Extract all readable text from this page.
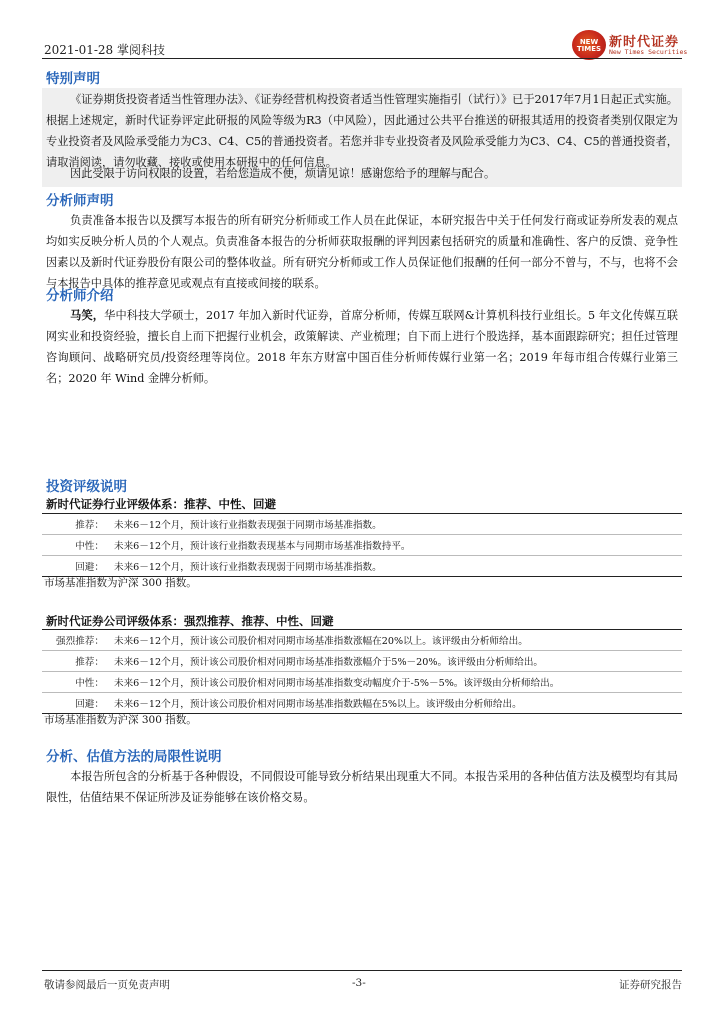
2021-01-28 掌阅科技
NEW
TIMES 新时代证券
New Times Securities
特别声明
《证券期货投资者适当性管理办法》、《证券经营机构投资者适当性管理实施指引（试行）》已于2017年7月1日起正式实施。根据上述规定，新时代证券评定此研报的风险等级为R3（中风险），因此通过公共平台推送的研报其适用的投资者类别仅限定为专业投资者及风险承受能力为C3、C4、C5的普通投资者。若您并非专业投资者及风险承受能力为C3、C4、C5的普通投资者，请取消阅读，请勿收藏、接收或使用本研报中的任何信息。
因此受限于访问权限的设置，若给您造成不便，烦请见谅！感谢您给予的理解与配合。
分析师声明
负责准备本报告以及撰写本报告的所有研究分析师或工作人员在此保证，本研究报告中关于任何发行商或证券所发表的观点均如实反映分析人员的个人观点。负责准备本报告的分析师获取报酬的评判因素包括研究的质量和准确性、客户的反馈、竞争性因素以及新时代证券股份有限公司的整体收益。所有研究分析师或工作人员保证他们报酬的任何一部分不曾与，不与，也将不会与本报告中具体的推荐意见或观点有直接或间接的联系。
分析师介绍
马笑，华中科技大学硕士，2017 年加入新时代证券，首席分析师，传媒互联网&计算机科技行业组长。5 年文化传媒互联网实业和投资经验，擅长自上而下把握行业机会，政策解读、产业梳理；自下而上进行个股选择，基本面跟踪研究；担任过管理咨询顾问、战略研究员/投资经理等岗位。2018 年东方财富中国百佳分析师传媒行业第一名；2019 年每市组合传媒行业第三名；2020 年 Wind 金牌分析师。
投资评级说明
新时代证券行业评级体系：推荐、中性、回避
推荐：	未来6－12个月，预计该行业指数表现强于同期市场基准指数。
中性：	未来6－12个月，预计该行业指数表现基本与同期市场基准指数持平。
回避：	未来6－12个月，预计该行业指数表现弱于同期市场基准指数。
市场基准指数为沪深 300 指数。
新时代证券公司评级体系：强烈推荐、推荐、中性、回避
强烈推荐：	未来6－12个月，预计该公司股价相对同期市场基准指数涨幅在20%以上。该评级由分析师给出。
推荐：	未来6－12个月，预计该公司股价相对同期市场基准指数涨幅介于5%－20%。该评级由分析师给出。
中性：	未来6－12个月，预计该公司股价相对同期市场基准指数变动幅度介于-5%－5%。该评级由分析师给出。
回避：	未来6－12个月，预计该公司股价相对同期市场基准指数跌幅在5%以上。该评级由分析师给出。
市场基准指数为沪深 300 指数。
分析、估值方法的局限性说明
本报告所包含的分析基于各种假设，不同假设可能导致分析结果出现重大不同。本报告采用的各种估值方法及模型均有其局限性，估值结果不保证所涉及证券能够在该价格交易。
敬请参阅最后一页免责声明	-3-	证券研究报告
